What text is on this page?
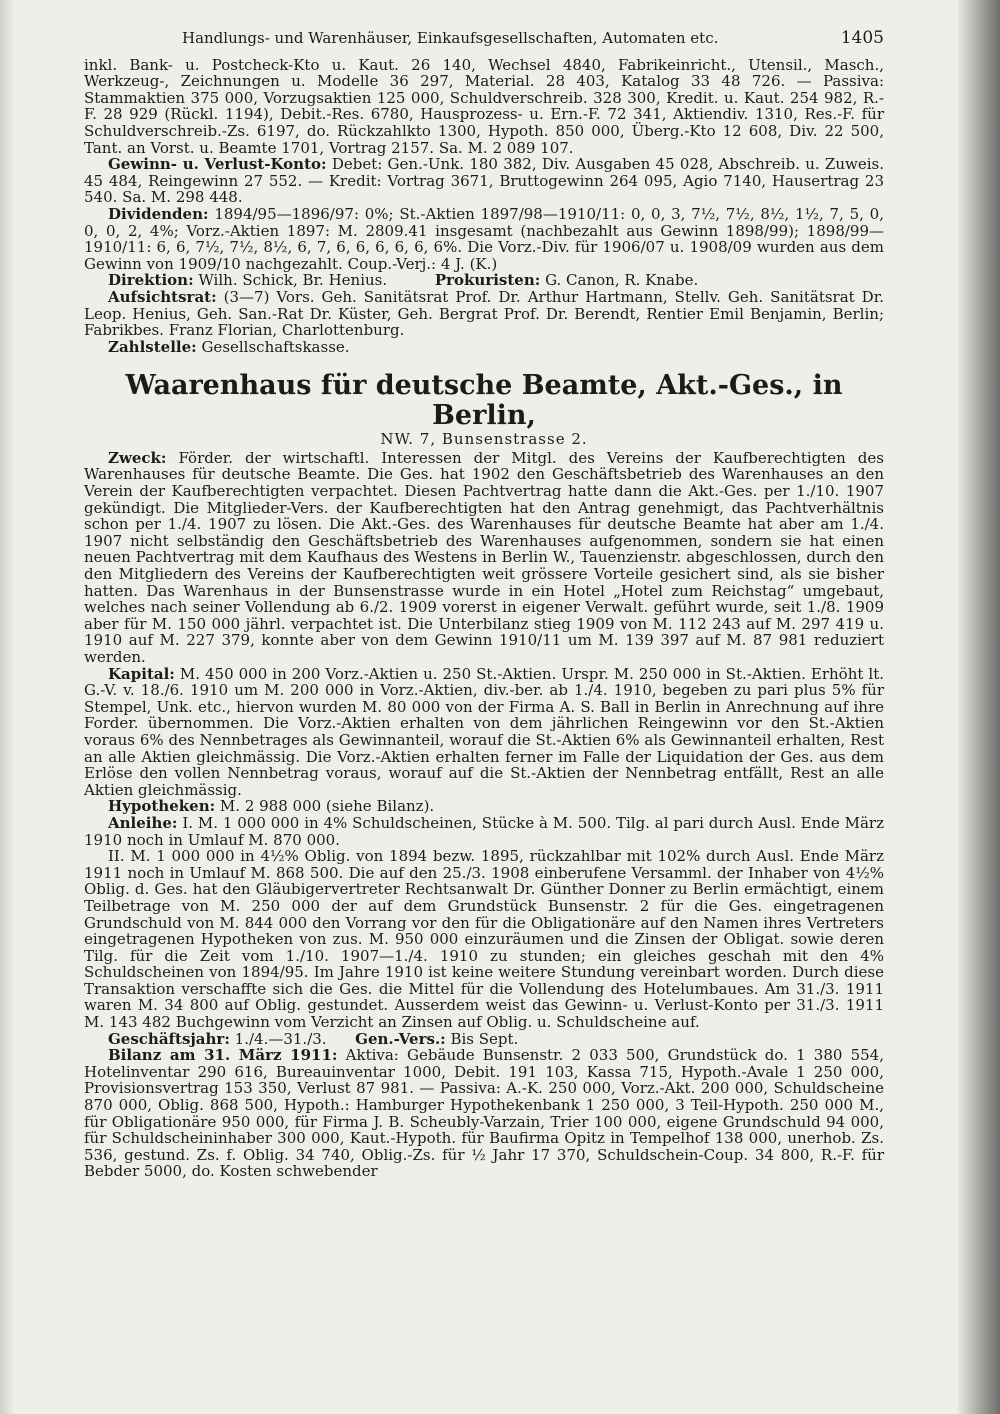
Handlungs- und Warenhäuser, Einkaufsgesellschaften, Automaten etc.	1405

inkl. Bank- u. Postcheck-Kto u. Kaut. 26 140, Wechsel 4840, Fabrikeinricht., Utensil., Masch., Werkzeug-, Zeichnungen u. Modelle 36 297, Material. 28 403, Katalog 33 48 726. — Passiva: Stammaktien 375 000, Vorzugsaktien 125 000, Schuldverschreib. 328 300, Kredit. u. Kaut. 254 982, R.-F. 28 929 (Rückl. 1194), Debit.-Res. 6780, Hausprozess- u. Ern.-F. 72 341, Aktiendiv. 1310, Res.-F. für Schuldverschreib.-Zs. 6197, do. Rückzahlkto 1300, Hypoth. 850 000, Überg.-Kto 12 608, Div. 22 500, Tant. an Vorst. u. Beamte 1701, Vortrag 2157. Sa. M. 2 089 107.

Gewinn- u. Verlust-Konto: Debet: Gen.-Unk. 180 382, Div. Ausgaben 45 028, Abschreib. u. Zuweis. 45 484, Reingewinn 27 552. — Kredit: Vortrag 3671, Bruttogewinn 264 095, Agio 7140, Hausertrag 23 540. Sa. M. 298 448.

Dividenden: 1894/95—1896/97: 0%; St.-Aktien 1897/98—1910/11: 0, 0, 3, 7½, 7½, 8½, 1½, 7, 5, 0, 0, 0, 2, 4%; Vorz.-Aktien 1897: M. 2809.41 insgesamt (nachbezahlt aus Gewinn 1898/99); 1898/99—1910/11: 6, 6, 7½, 7½, 8½, 6, 7, 6, 6, 6, 6, 6, 6%. Die Vorz.-Div. für 1906/07 u. 1908/09 wurden aus dem Gewinn von 1909/10 nachgezahlt. Coup.-Verj.: 4 J. (K.)

Direktion: Wilh. Schick, Br. Henius.	Prokuristen: G. Canon, R. Knabe.

Aufsichtsrat: (3—7) Vors. Geh. Sanitätsrat Prof. Dr. Arthur Hartmann, Stellv. Geh. Sanitätsrat Dr. Leop. Henius, Geh. San.-Rat Dr. Küster, Geh. Bergrat Prof. Dr. Berendt, Rentier Emil Benjamin, Berlin; Fabrikbes. Franz Florian, Charlottenburg.

Zahlstelle: Gesellschaftskasse.

Waarenhaus für deutsche Beamte, Akt.-Ges., in Berlin,
NW. 7, Bunsenstrasse 2.

Zweck: Förder. der wirtschaftl. Interessen der Mitgl. des Vereins der Kaufberechtigten des Warenhauses für deutsche Beamte. Die Ges. hat 1902 den Geschäftsbetrieb des Warenhauses an den Verein der Kaufberechtigten verpachtet. Diesen Pachtvertrag hatte dann die Akt.-Ges. per 1./10. 1907 gekündigt. Die Mitglieder-Vers. der Kaufberechtigten hat den Antrag genehmigt, das Pachtverhältnis schon per 1./4. 1907 zu lösen. Die Akt.-Ges. des Warenhauses für deutsche Beamte hat aber am 1./4. 1907 nicht selbständig den Geschäftsbetrieb des Warenhauses aufgenommen, sondern sie hat einen neuen Pachtvertrag mit dem Kaufhaus des Westens in Berlin W., Tauenzienstr. abgeschlossen, durch den den Mitgliedern des Vereins der Kaufberechtigten weit grössere Vorteile gesichert sind, als sie bisher hatten. Das Warenhaus in der Bunsenstrasse wurde in ein Hotel „Hotel zum Reichstag“ umgebaut, welches nach seiner Vollendung ab 6./2. 1909 vorerst in eigener Verwalt. geführt wurde, seit 1./8. 1909 aber für M. 150 000 jährl. verpachtet ist. Die Unterbilanz stieg 1909 von M. 112 243 auf M. 297 419 u. 1910 auf M. 227 379, konnte aber von dem Gewinn 1910/11 um M. 139 397 auf M. 87 981 reduziert werden.

Kapital: M. 450 000 in 200 Vorz.-Aktien u. 250 St.-Aktien. Urspr. M. 250 000 in St.-Aktien. Erhöht lt. G.-V. v. 18./6. 1910 um M. 200 000 in Vorz.-Aktien, div.-ber. ab 1./4. 1910, begeben zu pari plus 5% für Stempel, Unk. etc., hiervon wurden M. 80 000 von der Firma A. S. Ball in Berlin in Anrechnung auf ihre Forder. übernommen. Die Vorz.-Aktien erhalten von dem jährlichen Reingewinn vor den St.-Aktien voraus 6% des Nennbetrages als Gewinnanteil, worauf die St.-Aktien 6% als Gewinnanteil erhalten, Rest an alle Aktien gleichmässig. Die Vorz.-Aktien erhalten ferner im Falle der Liquidation der Ges. aus dem Erlöse den vollen Nennbetrag voraus, worauf auf die St.-Aktien der Nennbetrag entfällt, Rest an alle Aktien gleichmässig.

Hypotheken: M. 2 988 000 (siehe Bilanz).

Anleihe: I. M. 1 000 000 in 4% Schuldscheinen, Stücke à M. 500. Tilg. al pari durch Ausl. Ende März 1910 noch in Umlauf M. 870 000.

II. M. 1 000 000 in 4½% Oblig. von 1894 bezw. 1895, rückzahlbar mit 102% durch Ausl. Ende März 1911 noch in Umlauf M. 868 500. Die auf den 25./3. 1908 einberufene Versamml. der Inhaber von 4½% Oblig. d. Ges. hat den Gläubigervertreter Rechtsanwalt Dr. Günther Donner zu Berlin ermächtigt, einem Teilbetrage von M. 250 000 der auf dem Grundstück Bunsenstr. 2 für die Ges. eingetragenen Grundschuld von M. 844 000 den Vorrang vor den für die Obligationäre auf den Namen ihres Vertreters eingetragenen Hypotheken von zus. M. 950 000 einzuräumen und die Zinsen der Obligat. sowie deren Tilg. für die Zeit vom 1./10. 1907—1./4. 1910 zu stunden; ein gleiches geschah mit den 4% Schuldscheinen von 1894/95. Im Jahre 1910 ist keine weitere Stundung vereinbart worden. Durch diese Transaktion verschaffte sich die Ges. die Mittel für die Vollendung des Hotelumbaues. Am 31./3. 1911 waren M. 34 800 auf Oblig. gestundet. Ausserdem weist das Gewinn- u. Verlust-Konto per 31./3. 1911 M. 143 482 Buchgewinn vom Verzicht an Zinsen auf Oblig. u. Schuldscheine auf.

Geschäftsjahr: 1./4.—31./3. Gen.-Vers.: Bis Sept.

Bilanz am 31. März 1911: Aktiva: Gebäude Bunsenstr. 2 033 500, Grundstück do. 1 380 554, Hotelinventar 290 616, Bureauinventar 1000, Debit. 191 103, Kassa 715, Hypoth.-Avale 1 250 000, Provisionsvertrag 153 350, Verlust 87 981. — Passiva: A.-K. 250 000, Vorz.-Akt. 200 000, Schuldscheine 870 000, Oblig. 868 500, Hypoth.: Hamburger Hypothekenbank 1 250 000, 3 Teil-Hypoth. 250 000 M., für Obligationäre 950 000, für Firma J. B. Scheubly-Varzain, Trier 100 000, eigene Grundschuld 94 000, für Schuldscheininhaber 300 000, Kaut.-Hypoth. für Baufirma Opitz in Tempelhof 138 000, unerhob. Zs. 536, gestund. Zs. f. Oblig. 34 740, Oblig.-Zs. für ½ Jahr 17 370, Schuldschein-Coup. 34 800, R.-F. für Bebder 5000, do. Kosten schwebender
